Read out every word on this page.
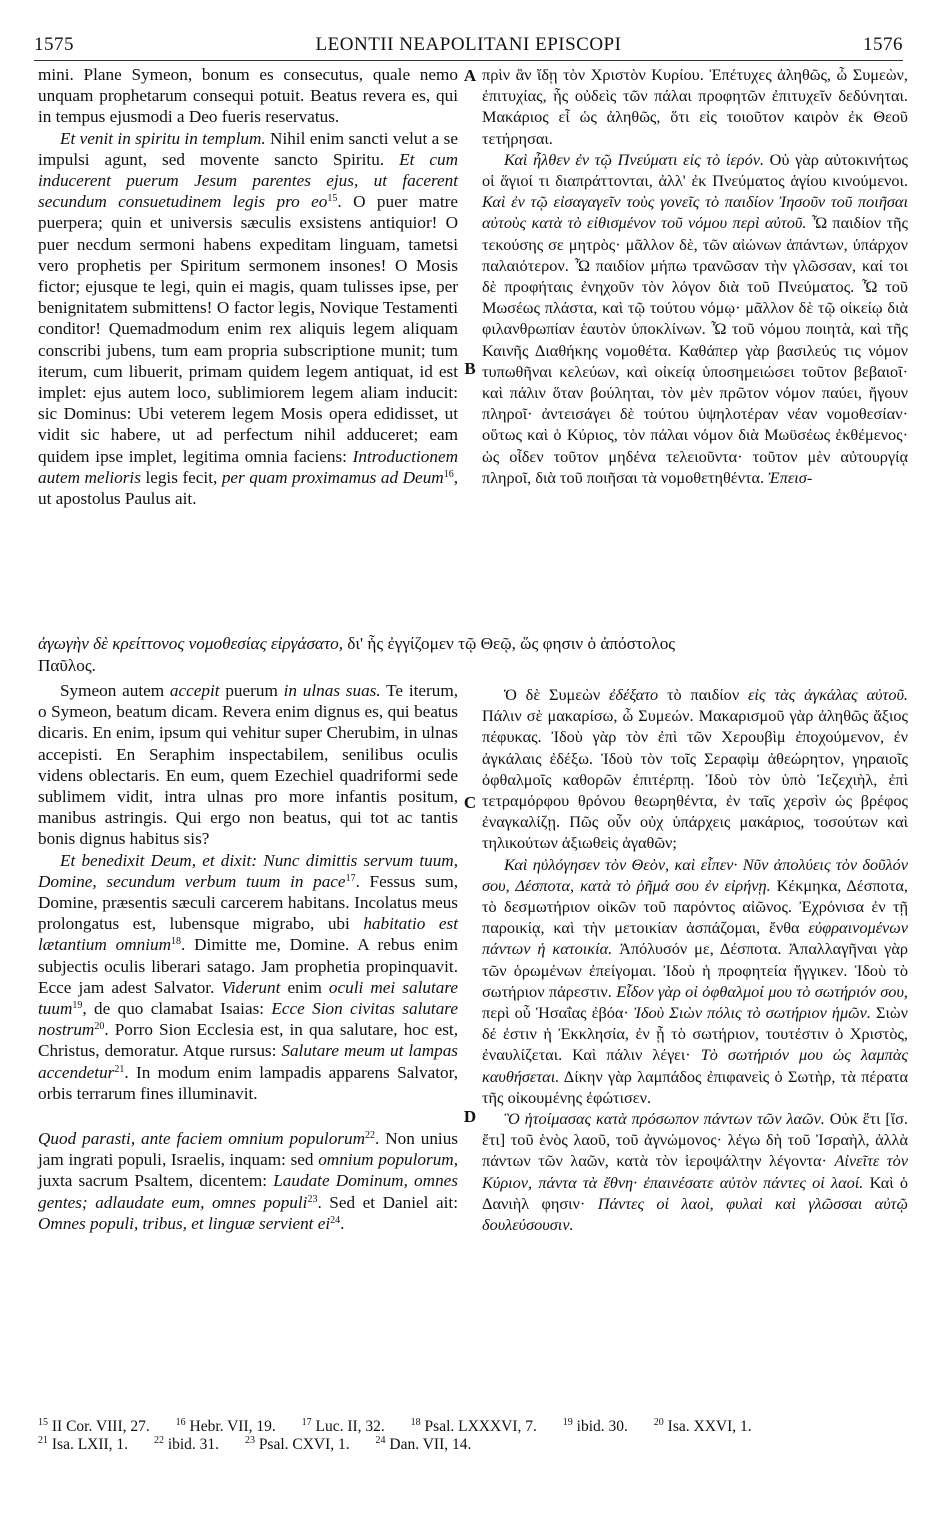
1575	LEONTII NEAPOLITANI EPISCOPI	1576
A
B
C
D

mini. Plane Symeon, bonum es consecutus, quale nemo unquam prophetarum consequi potuit. Beatus revera es, qui in tempus ejusmodi a Deo fueris reservatus.

Et venit in spiritu in templum. Nihil enim sancti velut a se impulsi agunt, sed movente sancto Spiritu. Et cum inducerent puerum Jesum parentes ejus, ut facerent secundum consuetudinem legis pro $eo^{15}$. O puer matre puerpera; quin et universis sæculis exsistens antiquior! O puer necdum sermoni habens expeditam linguam, tametsi vero prophetis per Spiritum sermonem insones! O Mosis fictor; ejusque te legi, quin ei magis, quam tulisses ipse, per benignitatem submittens! O factor legis, Novique Testamenti conditor! Quemadmodum enim rex aliquis legem aliquam conscribi jubens, tum eam propria subscriptione munit; tum iterum, cum libuerit, primam quidem legem antiquat, id est implet: ejus autem loco, sublimiorem legem aliam inducit: sic Dominus: Ubi veterem legem Mosis opera edidisset, ut vidit sic habere, ut ad perfectum nihil adduceret; eam quidem ipse implet, legitima omnia faciens: Introductionem autem melioris legis fecit, per quam proximamus ad Deum$^{16}$, ut apostolus Paulus ait.

πρὶν ἂν ἴδῃ τὸν Χριστὸν Κυρίου. Ἐπέτυχες ἀληθῶς, ὦ Συμεὼν, ἐπιτυχίας, ἧς οὐδεὶς τῶν πάλαι προφητῶν ἐπιτυχεῖν δεδύνηται. Μακάριος εἶ ὡς ἀληθῶς, ὅτι εἰς τοιοῦτον καιρὸν ἐκ Θεοῦ τετήρησαι.

Καὶ ἦλθεν ἐν τῷ Πνεύματι εἰς τὸ ἱερόν. Οὐ γὰρ αὐτοκινήτως οἱ ἅγιοί τι διαπράττονται, ἀλλ' ἐκ Πνεύματος ἁγίου κινούμενοι. Καὶ ἐν τῷ εἰσαγαγεῖν τοὺς γονεῖς τὸ παιδίον Ἰησοῦν τοῦ ποιῆσαι αὐτοὺς κατὰ τὸ εἰθισμένον τοῦ νόμου περὶ αὐτοῦ. Ὦ παιδίον τῆς τεκούσης σε μητρὸς· μᾶλλον δὲ, τῶν αἰώνων ἁπάντων, ὑπάρχον παλαιότερον. Ὦ παιδίον μήπω τρανῶσαν τὴν γλῶσσαν, καί τοι δὲ προφήταις ἐνηχοῦν τὸν λόγον διὰ τοῦ Πνεύματος. Ὦ τοῦ Μωσέως πλάστα, καὶ τῷ τούτου νόμῳ· μᾶλλον δὲ τῷ οἰκείῳ διὰ φιλανθρωπίαν ἑαυτὸν ὑποκλίνων. Ὦ τοῦ νόμου ποιητὰ, καὶ τῆς Καινῆς Διαθήκης νομοθέτα. Καθάπερ γὰρ βασιλεύς τις νόμον τυπωθῆναι κελεύων, καὶ οἰκείᾳ ὑποσημειώσει τοῦτον βεβαιοῖ· καὶ πάλιν ὅταν βούληται, τὸν μὲν πρῶτον νόμον παύει, ἤγουν πληροῖ· ἀντεισάγει δὲ τούτου ὑψηλοτέραν νέαν νομοθεσίαν· οὕτως καὶ ὁ Κύριος, τὸν πάλαι νόμον διὰ Μωϋσέως ἐκθέμενος· ὡς οἶδεν τοῦτον μηδένα τελειοῦντα· τοῦτον μὲν αὐτουργίᾳ πληροῖ, διὰ τοῦ ποιῆσαι τὰ νομοθετηθέντα. Ἐπεισ-

ἀγωγὴν δὲ κρείττονος νομοθεσίας εἰργάσατο, δι' ἧς ἐγγίζομεν τῷ Θεῷ, ὥς φησιν ὁ ἀπόστολος
Παῦλος.

Symeon autem accepit puerum in ulnas suas. Te iterum, o Symeon, beatum dicam. Revera enim dignus es, qui beatus dicaris. En enim, ipsum qui vehitur super Cherubim, in ulnas accepisti. En Seraphim inspectabilem, senilibus oculis videns oblectaris. En eum, quem Ezechiel quadriformi sede sublimem vidit, intra ulnas pro more infantis positum, manibus astringis. Qui ergo non beatus, qui tot ac tantis bonis dignus habitus sis?

Et benedixit Deum, et dixit: Nunc dimittis servum tuum, Domine, secundum verbum tuum in pace$^{17}$. Fessus sum, Domine, præsentis sæculi carcerem habitans. Incolatus meus prolongatus est, lubensque migrabo, ubi habitatio est lætantium omnium$^{18}$. Dimitte me, Domine. A rebus enim subjectis oculis liberari satago. Jam prophetia propinquavit. Ecce jam adest Salvator. Viderunt enim oculi mei salutare tuum$^{19}$, de quo clamabat Isaias: Ecce Sion civitas salutare nostrum$^{20}$. Porro Sion Ecclesia est, in qua salutare, hoc est, Christus, demoratur. Atque rursus: Salutare meum ut lampas accendetur$^{21}$. In modum enim lampadis apparens Salvator, orbis terrarum fines illuminavit.

Quod parasti, ante faciem omnium populorum$^{22}$. Non unius jam ingrati populi, Israelis, inquam: sed omnium populorum, juxta sacrum Psaltem, dicentem: Laudate Dominum, omnes gentes; adlaudate eum, omnes populi$^{23}$. Sed et Daniel ait: Omnes populi, tribus, et linguæ servient $ei^{24}$.

Ὁ δὲ Συμεὼν ἐδέξατο τὸ παιδίον εἰς τὰς ἀγκάλας αὐτοῦ. Πάλιν σὲ μακαρίσω, ὦ Συμεών. Μακαρισμοῦ γὰρ ἀληθῶς ἄξιος πέφυκας. Ἰδοὺ γὰρ τὸν ἐπὶ τῶν Χερουβὶμ ἐποχούμενον, ἐν ἀγκάλαις ἐδέξω. Ἰδοὺ τὸν τοῖς Σεραφὶμ ἀθεώρητον, γηραιοῖς ὀφθαλμοῖς καθορῶν ἐπιτέρπῃ. Ἰδοὺ τὸν ὑπὸ Ἰεζεχιὴλ, ἐπὶ τετραμόρφου θρόνου θεωρηθέντα, ἐν ταῖς χερσὶν ὡς βρέφος ἐναγκαλίζῃ. Πῶς οὖν οὐχ ὑπάρχεις μακάριος, τοσούτων καὶ τηλικούτων ἀξιωθεὶς ἀγαθῶν;

Καὶ ηὐλόγησεν τὸν Θεὸν, καὶ εἶπεν· Νῦν ἀπολύεις τὸν δοῦλόν σου, Δέσποτα, κατὰ τὸ ῥῆμά σου ἐν εἰρήνῃ. Κέκμηκα, Δέσποτα, τὸ δεσμωτήριον οἰκῶν τοῦ παρόντος αἰῶνος. Ἐχρόνισα ἐν τῇ παροικίᾳ, καὶ τὴν μετοικίαν ἀσπάζομαι, ἔνθα εὐφραινομένων πάντων ἡ κατοικία. Ἀπόλυσόν με, Δέσποτα. Ἀπαλλαγῆναι γὰρ τῶν ὁρωμένων ἐπείγομαι. Ἰδοὺ ἡ προφητεία ἤγγικεν. Ἰδοὺ τὸ σωτήριον πάρεστιν. Εἶδον γὰρ οἱ ὀφθαλμοί μου τὸ σωτήριόν σου, περὶ οὗ Ἡσαΐας ἐβόα· Ἰδοὺ Σιὼν πόλις τὸ σωτήριον ἡμῶν. Σιὼν δέ ἐστιν ἡ Ἐκκλησία, ἐν ᾗ τὸ σωτήριον, τουτέστιν ὁ Χριστὸς, ἐναυλίζεται. Καὶ πάλιν λέγει· Τὸ σωτήριόν μου ὡς λαμπὰς καυθήσεται. Δίκην γὰρ λαμπάδος ἐπιφανεὶς ὁ Σωτὴρ, τὰ πέρατα τῆς οἰκουμένης ἐφώτισεν.

Ὃ ἡτοίμασας κατὰ πρόσωπον πάντων τῶν λαῶν. Οὐκ ἔτι [ἴσ. ἔτι] τοῦ ἑνὸς λαοῦ, τοῦ ἀγνώμονος· λέγω δὴ τοῦ Ἰσραὴλ, ἀλλὰ πάντων τῶν λαῶν, κατὰ τὸν ἱεροψάλτην λέγοντα· Αἰνεῖτε τὸν Κύριον, πάντα τὰ ἔθνη· ἐπαινέσατε αὐτὸν πάντες οἱ λαοί. Καὶ ὁ Δανιὴλ φησιν· Πάντες οἱ λαοὶ, φυλαὶ καὶ γλῶσσαι αὐτῷ δουλεύσουσιν.

$^{15}$ II Cor. VIII, 27.	$^{16}$ Hebr. VII, 19.	$^{17}$ Luc. II, 32.	$^{18}$ Psal. LXXXVI, 7.	$^{19}$ ibid. 30.	$^{20}$ Isa. XXVI, 1.
$^{21}$ Isa. LXII, 1.	$^{22}$ ibid. 31.	$^{23}$ Psal. CXVI, 1.	$^{24}$ Dan. VII, 14.
